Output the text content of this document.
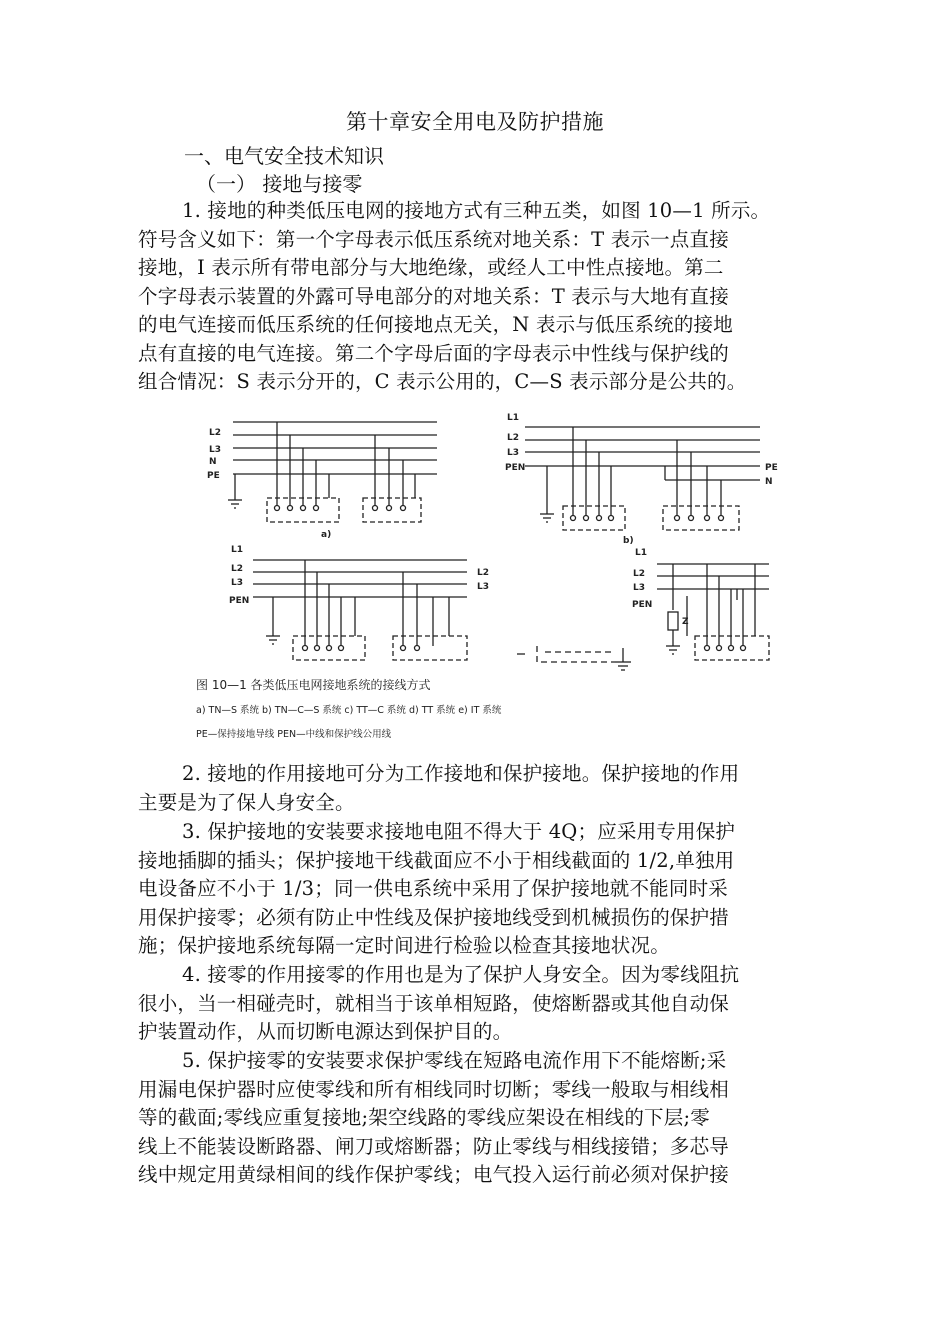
第十章安全用电及防护措施
一、电气安全技术知识
（一） 接地与接零
1. 接地的种类低压电网的接地方式有三种五类，如图 10—1 所示。
符号含义如下：第一个字母表示低压系统对地关系：T 表示一点直接
接地，I 表示所有带电部分与大地绝缘，或经人工中性点接地。第二
个字母表示装置的外露可导电部分的对地关系：T 表示与大地有直接
的电气连接而低压系统的任何接地点无关，N 表示与低压系统的接地
点有直接的电气连接。第二个字母后面的字母表示中性线与保护线的
组合情况：S 表示分开的，C 表示公用的，C—S 表示部分是公共的。
L2
L3
N
PE
a)
L1
L2
L3
PEN	PE
N
b)
L1
L2
L3
PEN
L2
L3
L1
L2
L3
PEN
Z
图 10—1 各类低压电网接地系统的接线方式
a) TN—S 系统 b) TN—C—S 系统 c) TT—C 系统 d) TT 系统 e) IT 系统
PE—保持接地导线 PEN—中线和保护线公用线
2. 接地的作用接地可分为工作接地和保护接地。保护接地的作用
主要是为了保人身安全。
3. 保护接地的安装要求接地电阻不得大于 4Q；应采用专用保护
接地插脚的插头；保护接地干线截面应不小于相线截面的 1/2,单独用
电设备应不小于 1/3；同一供电系统中采用了保护接地就不能同时采
用保护接零；必须有防止中性线及保护接地线受到机械损伤的保护措
施；保护接地系统每隔一定时间进行检验以检查其接地状况。
4. 接零的作用接零的作用也是为了保护人身安全。因为零线阻抗
很小，当一相碰壳时，就相当于该单相短路，使熔断器或其他自动保
护装置动作，从而切断电源达到保护目的。
5. 保护接零的安装要求保护零线在短路电流作用下不能熔断;采
用漏电保护器时应使零线和所有相线同时切断；零线一般取与相线相
等的截面;零线应重复接地;架空线路的零线应架设在相线的下层;零
线上不能装设断路器、闸刀或熔断器；防止零线与相线接错；多芯导
线中规定用黄绿相间的线作保护零线；电气投入运行前必须对保护接
